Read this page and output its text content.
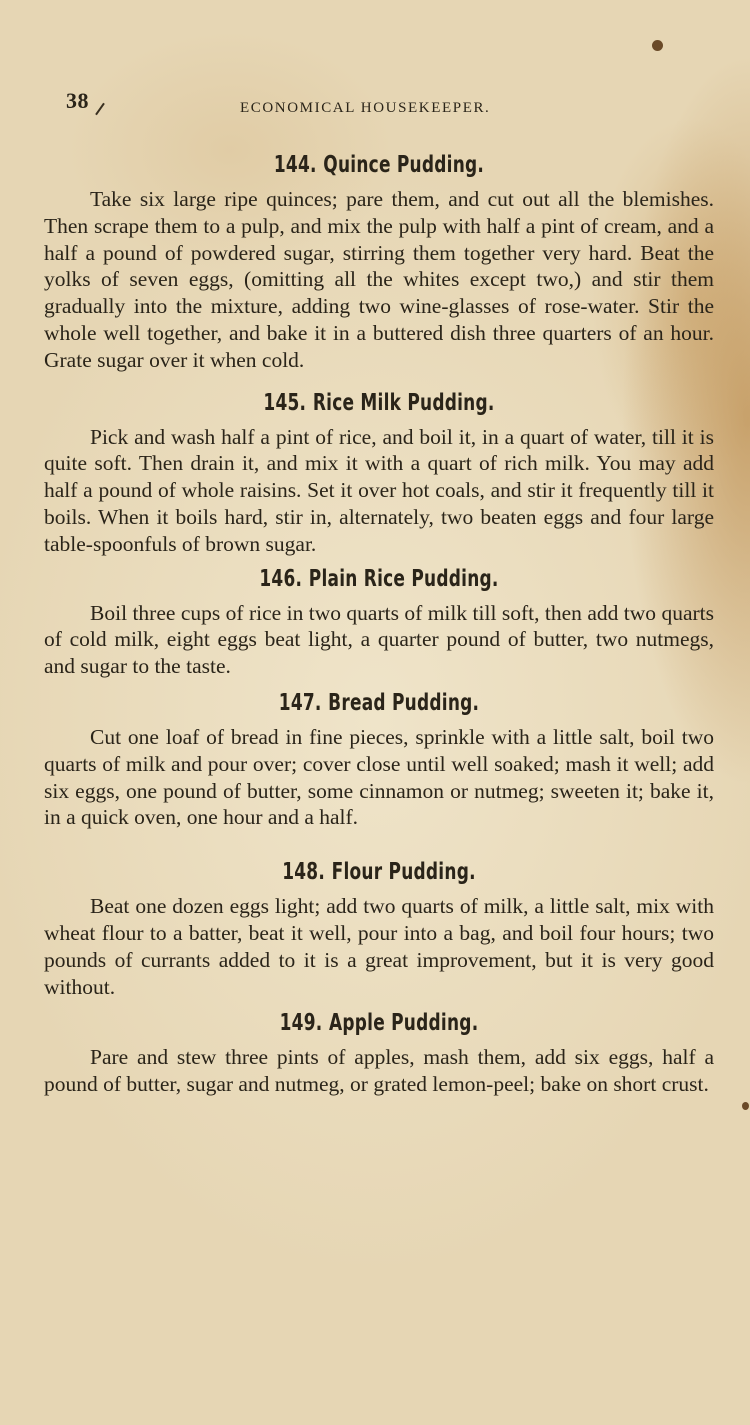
38	ECONOMICAL HOUSEKEEPER.
144. Quince Pudding.

Take six large ripe quinces; pare them, and cut out all the blemishes. Then scrape them to a pulp, and mix the pulp with half a pint of cream, and a half a pound of powdered sugar, stirring them together very hard. Beat the yolks of seven eggs, (omitting all the whites except two,) and stir them gradually into the mixture, adding two wine-glasses of rose-water. Stir the whole well together, and bake it in a buttered dish three quarters of an hour. Grate sugar over it when cold.

145. Rice Milk Pudding.

Pick and wash half a pint of rice, and boil it, in a quart of water, till it is quite soft. Then drain it, and mix it with a quart of rich milk. You may add half a pound of whole raisins. Set it over hot coals, and stir it frequently till it boils. When it boils hard, stir in, alternately, two beaten eggs and four large table-spoonfuls of brown sugar.

146. Plain Rice Pudding.

Boil three cups of rice in two quarts of milk till soft, then add two quarts of cold milk, eight eggs beat light, a quarter pound of butter, two nutmegs, and sugar to the taste.

147. Bread Pudding.

Cut one loaf of bread in fine pieces, sprinkle with a little salt, boil two quarts of milk and pour over; cover close until well soaked; mash it well; add six eggs, one pound of butter, some cinnamon or nutmeg; sweeten it; bake it, in a quick oven, one hour and a half.

148. Flour Pudding.

Beat one dozen eggs light; add two quarts of milk, a little salt, mix with wheat flour to a batter, beat it well, pour into a bag, and boil four hours; two pounds of currants added to it is a great improvement, but it is very good without.

149. Apple Pudding.

Pare and stew three pints of apples, mash them, add six eggs, half a pound of butter, sugar and nutmeg, or grated lemon-peel; bake on short crust.
